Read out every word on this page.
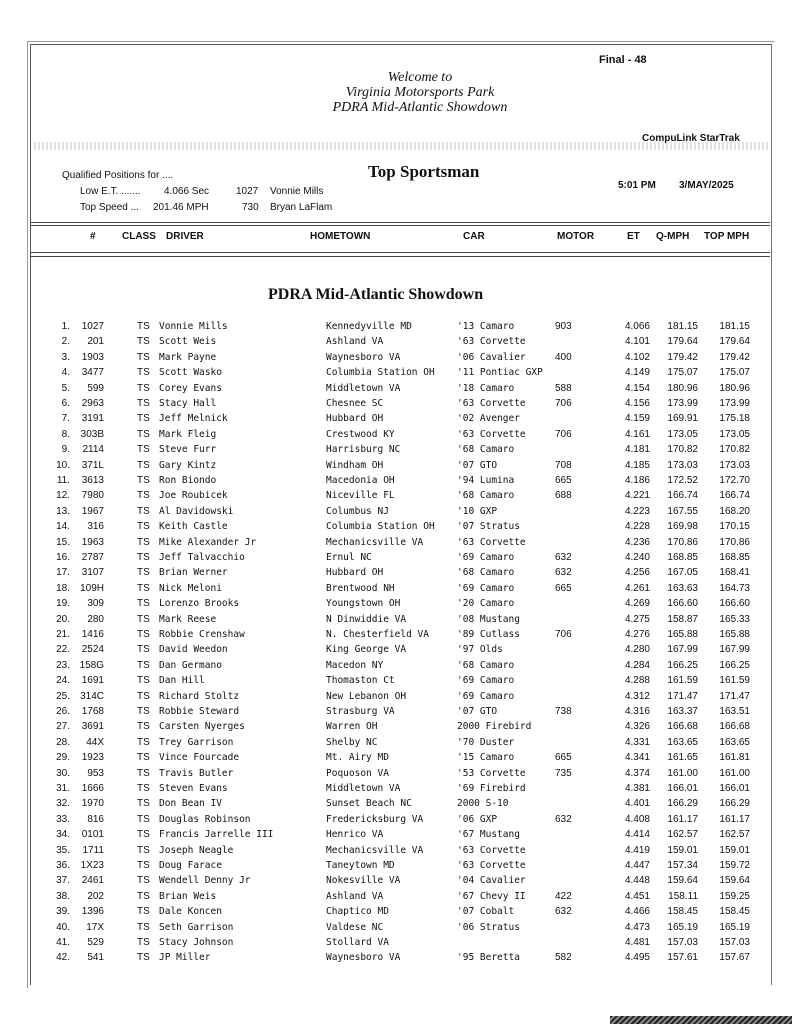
Final - 48
Welcome to
Virginia Motorsports Park
PDRA Mid-Atlantic Showdown
CompuLink StarTrak
Qualified Positions for ....
Low E.T. ....... 4.066 Sec	1027 Vonnie Mills
Top Speed ... 201.46 MPH	730 Bryan LaFlam
Top Sportsman
5:01 PM 3/MAY/2025
#	CLASS DRIVER	HOMETOWN	CAR	MOTOR	ET Q-MPH TOP MPH
PDRA Mid-Atlantic Showdown
1.	1027	TS Vonnie Mills	Kennedyville MD	'13 Camaro	903	4.066	181.15	181.15
2.	201	TS Scott Weis	Ashland VA	'63 Corvette	4.101	179.64	179.64
3.	1903	TS Mark Payne	Waynesboro VA	'06 Cavalier	400	4.102	179.42	179.42
4.	3477	TS Scott Wasko	Columbia Station OH '11 Pontiac GXP	4.149	175.07	175.07
5.	599	TS Corey Evans	Middletown VA	'18 Camaro	588	4.154	180.96	180.96
6.	2963	TS Stacy Hall	Chesnee SC	'63 Corvette	706	4.156	173.99	173.99
7.	3191	TS Jeff Melnick	Hubbard OH	'02 Avenger	4.159	169.91	175.18
8.	303B	TS Mark Fleig	Crestwood KY	'63 Corvette	706	4.161	173.05	173.05
9.	2114	TS Steve Furr	Harrisburg NC	'68 Camaro	4.181	170.82	170.82
10.	371L	TS Gary Kintz	Windham OH	'07 GTO	708	4.185	173.03	173.03
11.	3613	TS Ron Biondo	Macedonia OH	'94 Lumina	665	4.186	172.52	172.70
12.	7980	TS Joe Roubicek	Niceville FL	'68 Camaro	688	4.221	166.74	166.74
13.	1967	TS Al Davidowski	Columbus NJ	'10 GXP	4.223	167.55	168.20
14.	316	TS Keith Castle	Columbia Station OH '07 Stratus	4.228	169.98	170.15
15.	1963	TS Mike Alexander Jr	Mechanicsville VA	'63 Corvette	4.236	170.86	170.86
16.	2787	TS Jeff Talvacchio	Ernul NC	'69 Camaro	632	4.240	168.85	168.85
17.	3107	TS Brian Werner	Hubbard OH	'68 Camaro	632	4.256	167.05	168.41
18.	109H	TS Nick Meloni	Brentwood NH	'69 Camaro	665	4.261	163.63	164.73
19.	309	TS Lorenzo Brooks	Youngstown OH	'20 Camaro	4.269	166.60	166.60
20.	280	TS Mark Reese	N Dinwiddie VA	'08 Mustang	4.275	158.87	165.33
21.	1416	TS Robbie Crenshaw	N. Chesterfield VA	'89 Cutlass	706	4.276	165.88	165.88
22.	2524	TS David Weedon	King George VA	'97 Olds	4.280	167.99	167.99
23. 158G	TS Dan Germano	Macedon NY	'68 Camaro	4.284	166.25	166.25
24.	1691	TS Dan Hill	Thomaston Ct	'69 Camaro	4.288	161.59	161.59
25.	314C	TS Richard Stoltz	New Lebanon OH	'69 Camaro	4.312	171.47	171.47
26.	1768	TS Robbie Steward	Strasburg VA	'07 GTO	738	4.316	163.37	163.51
27.	3691	TS Carsten Nyerges	Warren OH	2000 Firebird	4.326	166.68	166.68
28.	44X	TS Trey Garrison	Shelby NC	'70 Duster	4.331	163.65	163.65
29.	1923	TS Vince Fourcade	Mt. Airy MD	'15 Camaro	665	4.341	161.65	161.81
30.	953	TS Travis Butler	Poquoson VA	'53 Corvette	735	4.374	161.00	161.00
31.	1666	TS Steven Evans	Middletown VA	'69 Firebird	4.381	166.01	166.01
32.	1970	TS Don Bean IV	Sunset Beach NC	2000 S-10	4.401	166.29	166.29
33.	816	TS Douglas Robinson	Fredericksburg VA	'06 GXP	632	4.408	161.17	161.17
34.	0101	TS Francis Jarrelle III	Henrico VA	'67 Mustang	4.414	162.57	162.57
35.	1711	TS Joseph Neagle	Mechanicsville VA	'63 Corvette	4.419	159.01	159.01
36.	1X23	TS Doug Farace	Taneytown MD	'63 Corvette	4.447	157.34	159.72
37.	2461	TS Wendell Denny Jr	Nokesville VA	'04 Cavalier	4.448	159.64	159.64
38.	202	TS Brian Weis	Ashland VA	'67 Chevy II	422	4.451	158.11	159.25
39.	1396	TS Dale Koncen	Chaptico MD	'07 Cobalt	632	4.466	158.45	158.45
40.	17X	TS Seth Garrison	Valdese NC	'06 Stratus	4.473	165.19	165.19
41.	529	TS Stacy Johnson	Stollard VA	4.481	157.03	157.03
42.	541	TS JP Miller	Waynesboro VA	'95 Beretta	582	4.495	157.61	157.67
